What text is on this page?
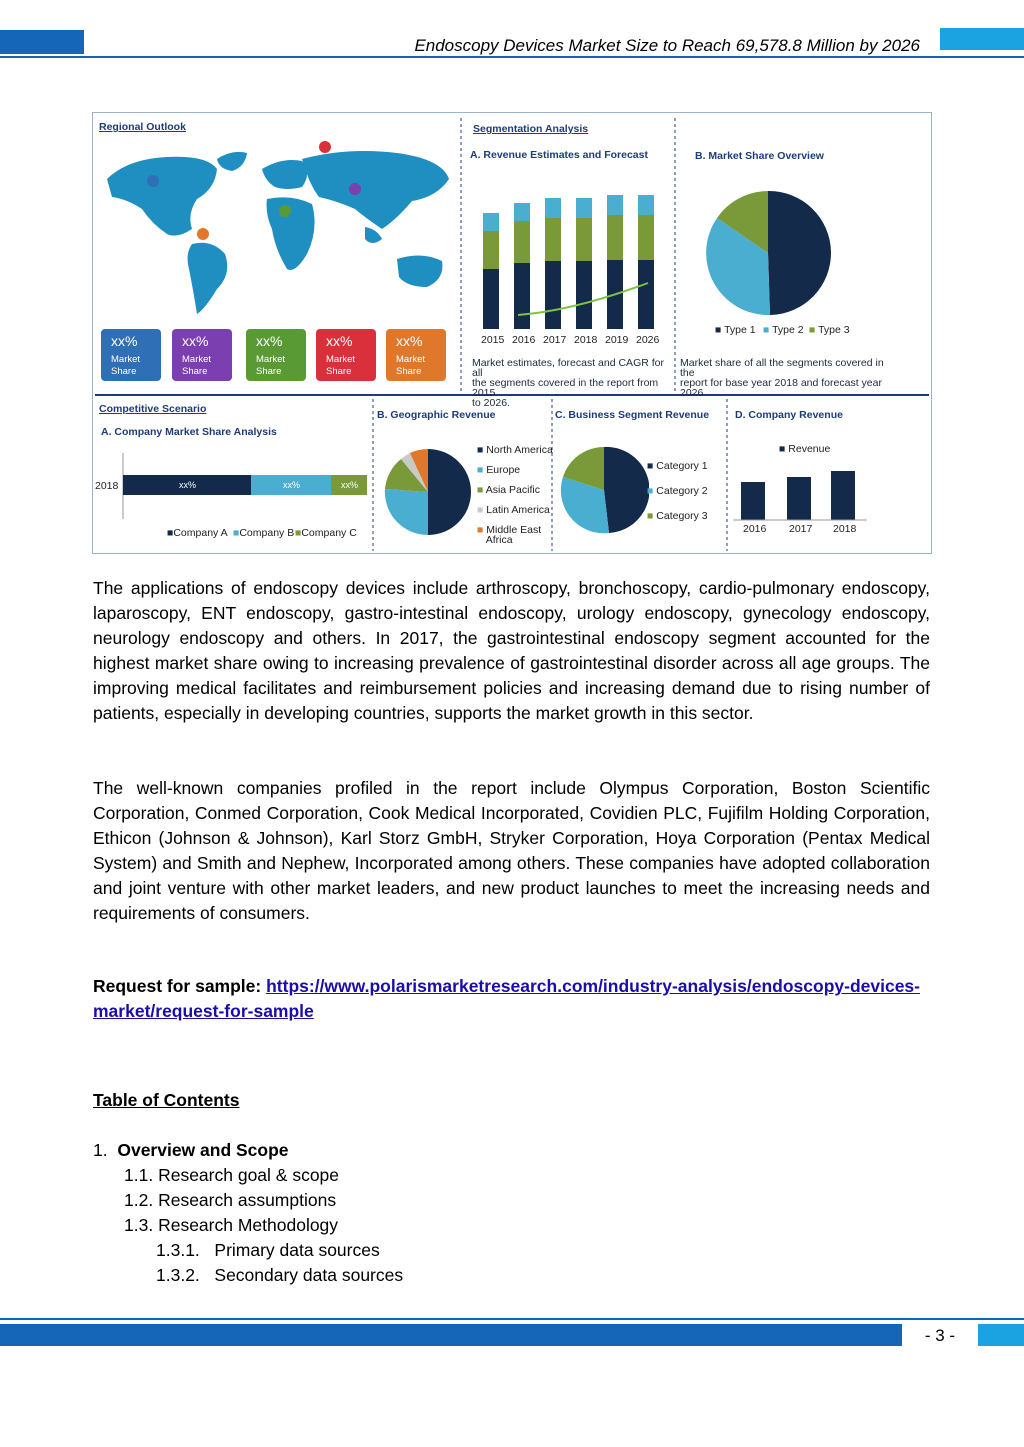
Endoscopy Devices Market Size to Reach 69,578.8 Million by 2026
Regional Outlook
xx%
Market Share
xx%
Market Share
xx%
Market Share
xx%
Market Share
xx%
Market Share
Segmentation Analysis
A. Revenue Estimates and Forecast
2015 2016 2017 2018 2019 2026
Market estimates, forecast and CAGR for all
the segments covered in the report from 2015
to 2026.
B. Market Share Overview
■ Type 1 ■ Type 2 ■ Type 3
Market share of all the segments covered in the
report for base year 2018 and forecast year
2026
Competitive Scenario
A. Company Market Share Analysis
2018	xx%	xx%	xx%
■Company A ■Company B ■Company C
B. Geographic Revenue
■ North America
■ Europe
■ Asia Pacific
■ Latin America
■ Middle East
Africa
C. Business Segment Revenue
■ Category 1
■ Category 2
■ Category 3
D. Company Revenue
■ Revenue
2016 2017 2018
The applications of endoscopy devices include arthroscopy, bronchoscopy, cardio-pulmonary endoscopy, laparoscopy, ENT endoscopy, gastro-intestinal endoscopy, urology endoscopy, gynecology endoscopy, neurology endoscopy and others. In 2017, the gastrointestinal endoscopy segment accounted for the highest market share owing to increasing prevalence of gastrointestinal disorder across all age groups. The improving medical facilitates and reimbursement policies and increasing demand due to rising number of patients, especially in developing countries, supports the market growth in this sector.
The well-known companies profiled in the report include Olympus Corporation, Boston Scientific Corporation, Conmed Corporation, Cook Medical Incorporated, Covidien PLC, Fujifilm Holding Corporation, Ethicon (Johnson & Johnson), Karl Storz GmbH, Stryker Corporation, Hoya Corporation (Pentax Medical System) and Smith and Nephew, Incorporated among others. These companies have adopted collaboration and joint venture with other market leaders, and new product launches to meet the increasing needs and requirements of consumers.
Request for sample: https://www.polarismarketresearch.com/industry-analysis/endoscopy-devices-market/request-for-sample
Table of Contents
1. Overview and Scope
1.1. Research goal & scope
1.2. Research assumptions
1.3. Research Methodology
1.3.1. Primary data sources
1.3.2. Secondary data sources
- 3 -
